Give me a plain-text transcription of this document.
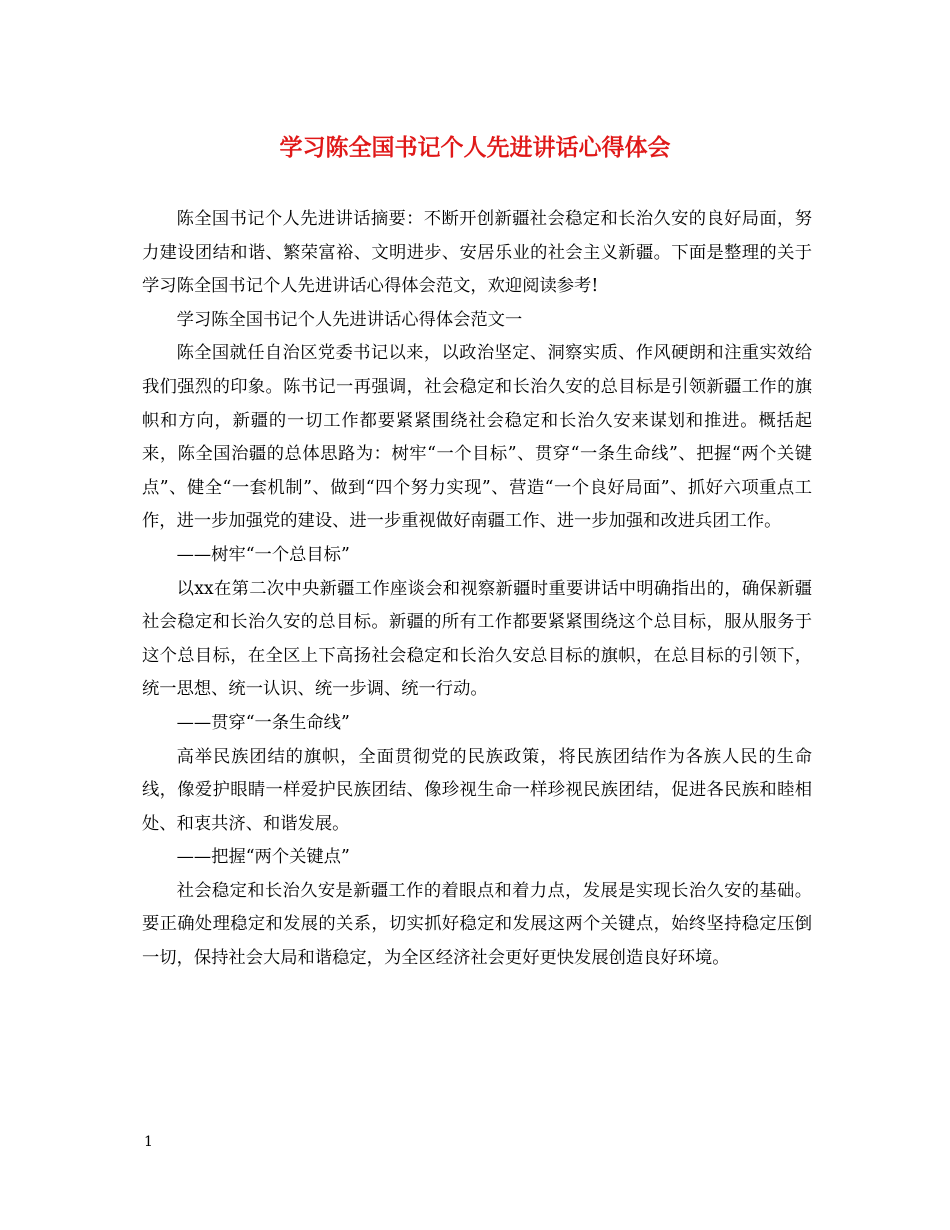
学习陈全国书记个人先进讲话心得体会

陈全国书记个人先进讲话摘要：不断开创新疆社会稳定和长治久安的良好局面，努力建设团结和谐、繁荣富裕、文明进步、安居乐业的社会主义新疆。下面是整理的关于学习陈全国书记个人先进讲话心得体会范文，欢迎阅读参考!

学习陈全国书记个人先进讲话心得体会范文一

陈全国就任自治区党委书记以来，以政治坚定、洞察实质、作风硬朗和注重实效给我们强烈的印象。陈书记一再强调，社会稳定和长治久安的总目标是引领新疆工作的旗帜和方向，新疆的一切工作都要紧紧围绕社会稳定和长治久安来谋划和推进。概括起来，陈全国治疆的总体思路为：树牢“一个目标”、贯穿“一条生命线”、把握“两个关键点”、健全“一套机制”、做到“四个努力实现”、营造“一个良好局面”、抓好六项重点工作，进一步加强党的建设、进一步重视做好南疆工作、进一步加强和改进兵团工作。

——树牢“一个总目标”

以xx在第二次中央新疆工作座谈会和视察新疆时重要讲话中明确指出的，确保新疆社会稳定和长治久安的总目标。新疆的所有工作都要紧紧围绕这个总目标，服从服务于这个总目标，在全区上下高扬社会稳定和长治久安总目标的旗帜，在总目标的引领下，统一思想、统一认识、统一步调、统一行动。

——贯穿“一条生命线”

高举民族团结的旗帜，全面贯彻党的民族政策，将民族团结作为各族人民的生命线，像爱护眼睛一样爱护民族团结、像珍视生命一样珍视民族团结，促进各民族和睦相处、和衷共济、和谐发展。

——把握“两个关键点”

社会稳定和长治久安是新疆工作的着眼点和着力点，发展是实现长治久安的基础。要正确处理稳定和发展的关系，切实抓好稳定和发展这两个关键点，始终坚持稳定压倒一切，保持社会大局和谐稳定，为全区经济社会更好更快发展创造良好环境。

1
